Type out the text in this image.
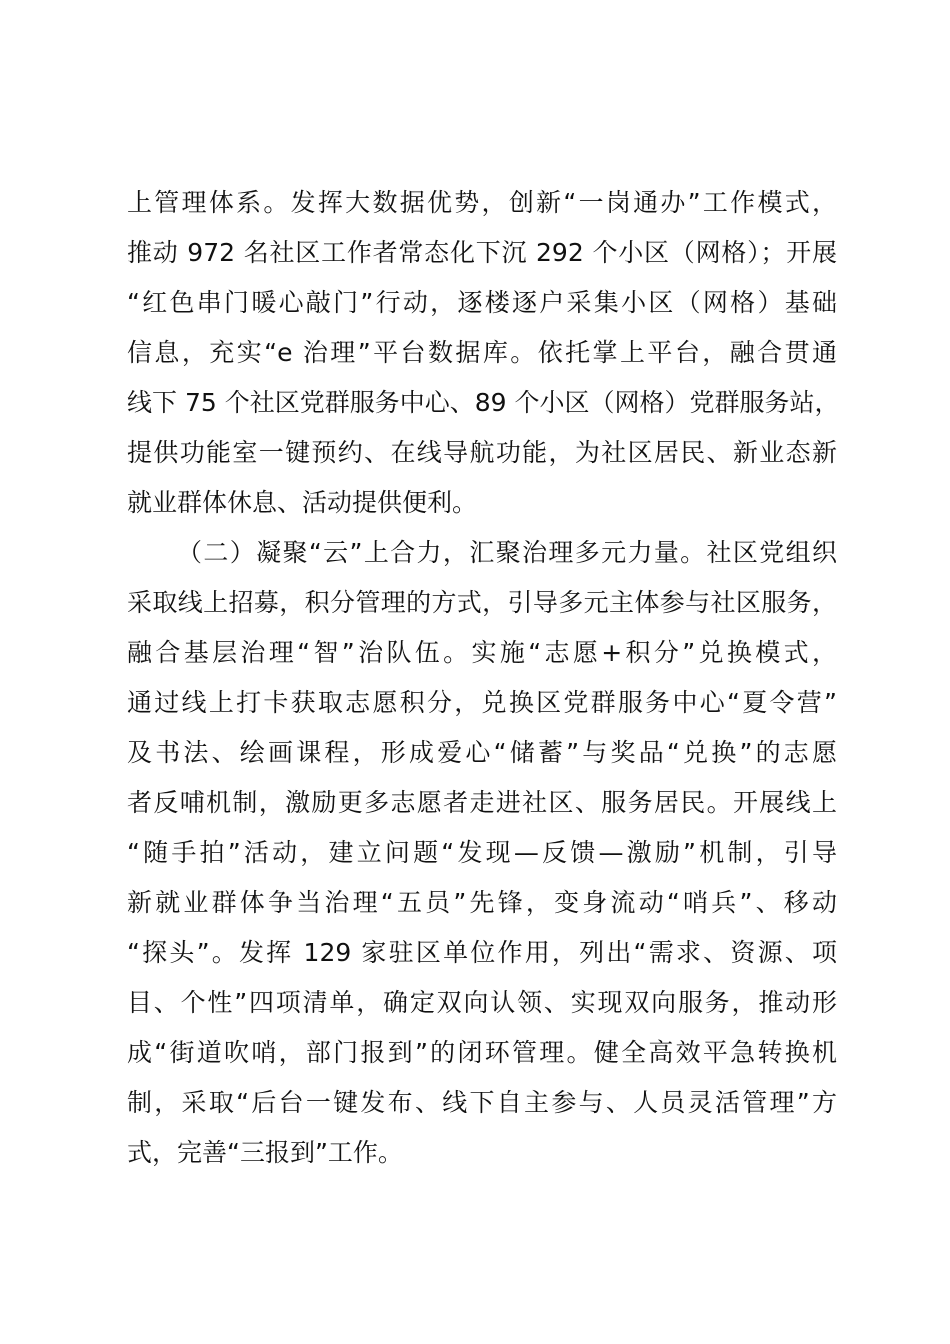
上管理体系。发挥大数据优势，创新“一岗通办”工作模式，
推动 972 名社区工作者常态化下沉 292 个小区（网格）；开展
“红色串门暖心敲门”行动，逐楼逐户采集小区（网格）基础
信息，充实“e 治理”平台数据库。依托掌上平台，融合贯通
线下 75 个社区党群服务中心、89 个小区（网格）党群服务站，
提供功能室一键预约、在线导航功能，为社区居民、新业态新
就业群体休息、活动提供便利。
（二）凝聚“云”上合力，汇聚治理多元力量。社区党组织
采取线上招募，积分管理的方式，引导多元主体参与社区服务，
融合基层治理“智”治队伍。实施“志愿+积分”兑换模式，
通过线上打卡获取志愿积分，兑换区党群服务中心“夏令营”
及书法、绘画课程，形成爱心“储蓄”与奖品“兑换”的志愿
者反哺机制，激励更多志愿者走进社区、服务居民。开展线上
“随手拍”活动，建立问题“发现—反馈—激励”机制，引导
新就业群体争当治理“五员”先锋，变身流动“哨兵”、移动
“探头”。发挥 129 家驻区单位作用，列出“需求、资源、项
目、个性”四项清单，确定双向认领、实现双向服务，推动形
成“街道吹哨，部门报到”的闭环管理。健全高效平急转换机
制，采取“后台一键发布、线下自主参与、人员灵活管理”方
式，完善“三报到”工作。
